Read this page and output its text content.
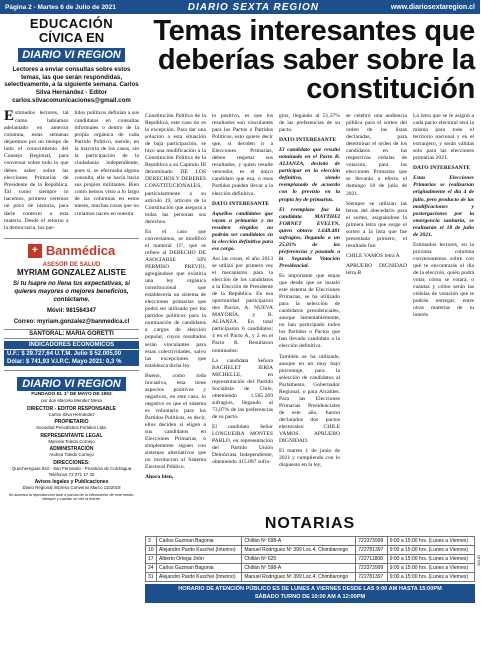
Página 2 - Martes 6 de Julio de 2021	DIARIO SEXTA REGION	www.diariosextaregion.cl
EDUCACIÓN
CÍVICA EN
DIARIO VI REGION
Lectores a enviar consultas sobre estos temas, las que serán respondidas, selectivamente, a la siguiente semana. Carlos Silva Hernández - Editor
carlos.silvacomunicaciones@gmail.com
Estimados lectores, tal como habíamos adelantado en anterior columna, estas semanas dejaremos por un tiempo de lado el conocimiento del Consejo Regional, para conversar sobre todo lo que debes saber sobre las elecciones Primarias de Presidente de la República. Tal como siempre lo hacemos, primero veremos un poco de historia, para darle contexto a esta materia. Desde el retorno a la democracia, los par-
tidos políticos definían a sus candidatos en consultas informales o dentro de la propia orgánica de cada Partido Político, siendo, en la mayoría de los casos, sin la participación de la ciudadanía independiente, pues sí, se efectuaba alguna consulta, ella se hacía hacia sus propios militantes. Bien como hemos visto a lo largo de las columnas en estos meses, muchas cosas que no creíamos nacen en nuestra
+ Banmédica
ASESOR DE SALUD
MYRIAM GONZALEZ ALISTE
Si tu Isapre no llena tus expectativas, si quieres mayores o mejores beneficios, contáctame.
Móvil: 981564347
Correo: myriam.gonzalez@banmedica.cl
SANTORAL: MARIA GORETTI
INDICADORES ECONÓMICOS
U.F.: $ 29.727,64 U.T.M. Julio $ 52.005,00
Dólar: $ 741,93 V.I.P.C. Mayo 2021: 0,3 %
DIARIO VI REGION
FUNDADO EL 1º DE MAYO DE 1952
por don Marcelo Mendez Mesa
DIRECTOR - EDITOR RESPONSABLE
Carlos Silva Hernández
PROPIETARIO
Sociedad Periodística Portales Ltda.
REPRESENTANTE LEGAL
Marcela Toledo Cornejo
ADMINISTRACIÓN
Andrea Toledo Cornejo
DIRECCIONES:
Quechereguas 842 - San Fernando - Provincia de Colchagua
Teléfonos 72 271 17 42
Avisos legales y Publicaciones
Diario Regional impreso Convenio Marco 1102018
Se autoriza la reproducción total o parcial de la información de este medio, siempre y cuando se cite la fuente.
Temas interesantes que deberías saber sobre la constitución

Constitución Política de la República, este caso no es la excepción. Para dar una solución a esta situación de baja participación, se hizo una modificación a la Constitución Política de la República a su Capítulo III denominado DE LOS DERECHOS Y DEBERES CONSTITUCIONALES, particularmente a su artículo 19, artículo de la Constitución que asegura a todas las personas sus derechos.

En el caso que conversamos, se modificó el numeral 15º, que se refiere al DERECHO DE ASOCIARSE SIN PERMISO PREVIO, agregándose que existiría una ley orgánica constitucional que establecería un sistema de elecciones primarias que podrá ser utilizado por los partidos políticos para la nominación de candidatos a cargos de elección popular, cuyos resultados serán vinculantes para estas colectividades, salvo las excepciones que establezca dicha ley.

Bueno, como toda iniciativa, esta tiene aspectos positivos y negativos, en este caso, lo negativo es que el sistema es voluntario para los Partidos Políticos, es decir, ellos deciden si eligen a sus candidatos en Elecciones Primarias, o simplemente siguen con sistemas alternativos que no involucran al Sistema Electoral Público.

Ahora bien,

lo positivo, es que los resultados son vinculantes para los Pactos o Partidos Políticos, esto quiere decir que, si deciden ir a Elecciones Primarias, deben respetar sus resultados, y quien resulte vencedor, es el único candidato que esa, o esos Partidos pueden llevar a la elección definitiva.

DATO INTERESANTE

Aquellos candidatos que vayan a primarias y no resulten elegidos no podrán ser candidatos en la elección definitiva para ese cargo.

Así las cosas, el año 2013 se utilizó por primera vez el mecanismo para la elección de los candidatos a la Elección de Presidente de la República. En esa oportunidad participaron dos Pactos, A. NUEVA MAYORÍA, y B. ALIANZA. En total participaron 6 candidatos; 4 en el Pacto A, y 2 en el Pacto B. Resultaron nominados:

La candidata Señora BACHELET JERIA MICHELLE, en representación del Partido Socialista de Chile, obteniendo 1.565.269 sufragios, llegando al 73,07% de las preferencias de su pacto.

El candidato Señor LONGUEIRA MONTES PABLO, en representación del Partido Unión Demócrata Independiente, obteniendo 415.087 sufra-

gios, llegando al 51,37% de las preferencias de su pacto.

DATO INTERESANTE

El candidato que resultó nominado en el Pacto B. ALIANZA, desistió de participar en la elección definitiva, siendo reemplazado de acuerdo con lo previsto en la propia ley de primarias.

El reemplazo fue la candidata MATTHEI FORNET EVELYN, quien obtuvo 1.648.481 sufragios, llegando a un 25,03% de las preferencias y pasando a la Segunda Votación Presidencial.

Es importante que sepas que desde que se instaló este sistema de Elecciones Primarias, se ha utilizado para la selección de candidatos presidenciales, aunque lamentablemente, no han participado todos los Partidos o Pactos que han llevado candidato a la elección definitiva.

También se ha utilizado, aunque en un muy bajo porcentaje, para la selección de candidatos al Parlamento, Gobernador Regional, o para Alcaldes. Para las Elecciones Primarias Presidenciales de este año, fueron declarados dos pactos electorales: CHILE VAMOS. APRUEBO DIGNIDAD.

El martes 1 de junio de 2021 y cumpliendo con lo dispuesto en la ley,

se celebró una audiencia pública para el sorteo del orden de las listas declaradas, para determinar el orden de los candidatos en las respectivas cédulas de votación, para las elecciones Primarias que se llevarán a efecto el domingo 18 de julio de 2021.

Siempre se utilizan las letras del abecedario para el sorteo, asignándose la primera letra que surge el sorteo a la lista que fue presentada primero, el resultado fue:

CHILE VAMOS letra A

APRUEBO DIGNIDAD letra B

La letra que se le asignó a cada pacto electoral será la misma para todo el territorio nacional y en el extranjero, y serán válidas solo para las elecciones primarias 2021.

DATO INTERESANTE

Estas Elecciones Primarias se realizarían originalmente el día 4 de julio, pero producto de las modificaciones y postergaciones por la emergencia sanitaria, se realizarán el 18 de julio de 2021.

Estimados lectores, en la próxima columna conversaremos sobre con qué te encontrarás el día de la elección, quién podrá votar, cómo se votará, o cuántas y cómo serán las cédulas de votación que te podrán entregar, entre otras materias de tu interés.

NOTARIAS
3	Carlos Guzman Bagonia	Chillán Nº 598-A	722373999	9:00 a 15:00 hrs. (Lunes a Viernes)
10	Alejandro Pardo Kuschel (Interino)	Manuel Rodríguez Nº 399 Loc.4, Chimbarongo	722781397	9:00 a 15:00 hrs. (Lunes a Viernes)
17	Alberto Ortega Jirón	Chillán Nº 625	722711808	9:00 a 15:00 hrs. (Lunes a Viernes)
24	Carlos Guzman Bagonia	Chillán Nº 598-A	722373999	9:00 a 15:00 hrs. (Lunes a Viernes)
31	Alejandro Pardo Kuschel (Interino)	Manuel Rodríguez Nº 399 Loc.4, Chimbarongo	722781397	9:00 a 15:00 hrs. (Lunes a Viernes)
HORARIO DE ATENCIÓN PÚBLICO ES DE LUNES A VIERNES DESDE LAS 9:00 AM HASTA 15:00PM
SÁBADO TURNO DE 10:00 AM A 12:00PM
JULIO
